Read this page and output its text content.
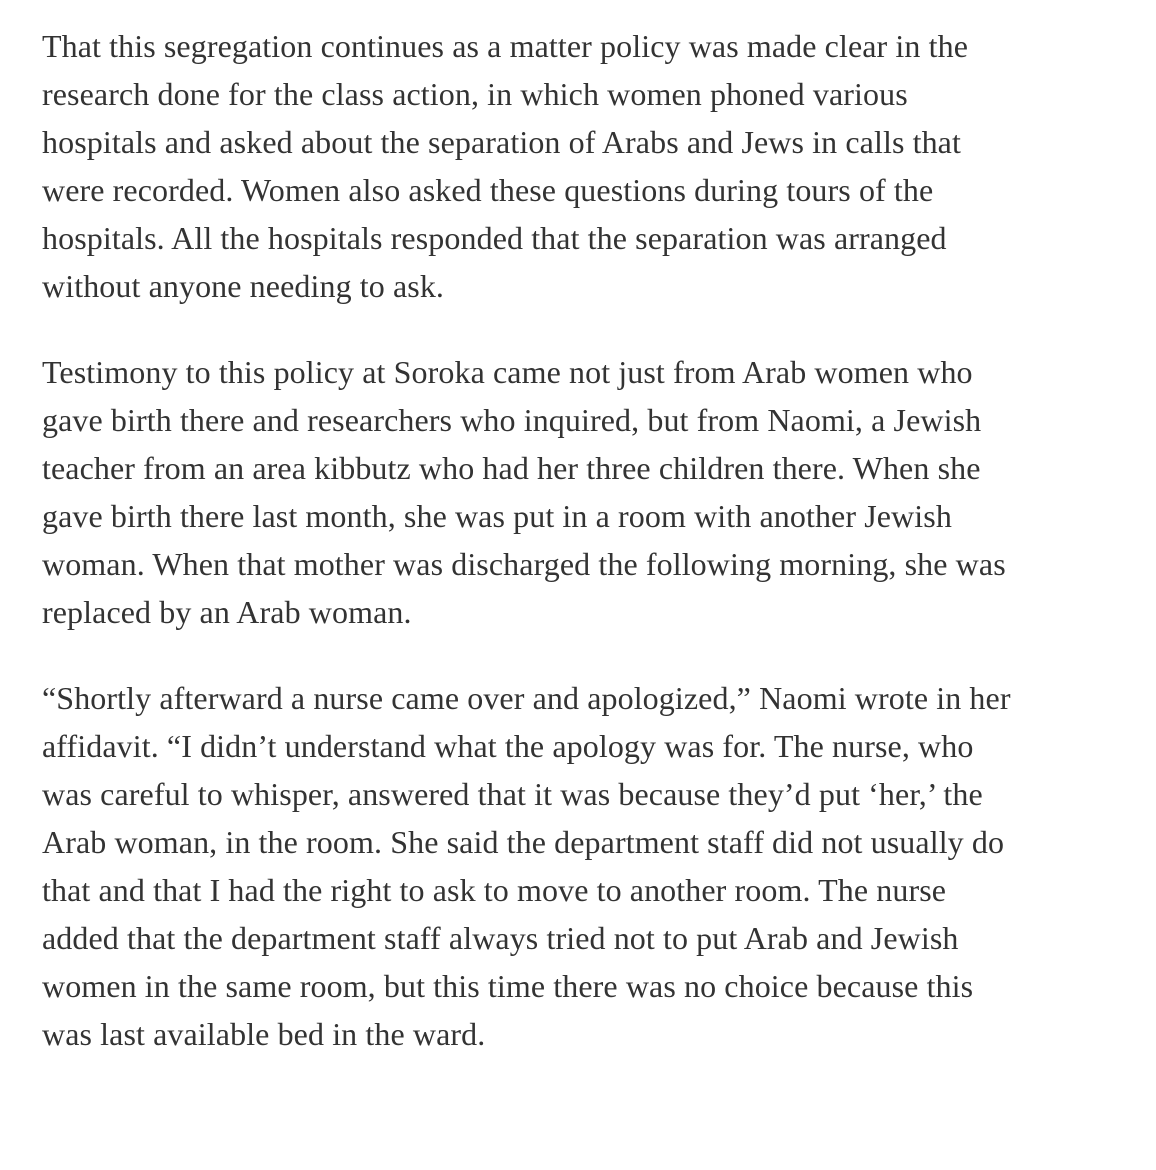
That this segregation continues as a matter policy was made clear in the research done for the class action, in which women phoned various hospitals and asked about the separation of Arabs and Jews in calls that were recorded. Women also asked these questions during tours of the hospitals. All the hospitals responded that the separation was arranged without anyone needing to ask.

Testimony to this policy at Soroka came not just from Arab women who gave birth there and researchers who inquired, but from Naomi, a Jewish teacher from an area kibbutz who had her three children there. When she gave birth there last month, she was put in a room with another Jewish woman. When that mother was discharged the following morning, she was replaced by an Arab woman.

“Shortly afterward a nurse came over and apologized,” Naomi wrote in her affidavit. “I didn’t understand what the apology was for. The nurse, who was careful to whisper, answered that it was because they’d put ‘her,’ the Arab woman, in the room. She said the department staff did not usually do that and that I had the right to ask to move to another room. The nurse added that the department staff always tried not to put Arab and Jewish women in the same room, but this time there was no choice because this was last available bed in the ward.
